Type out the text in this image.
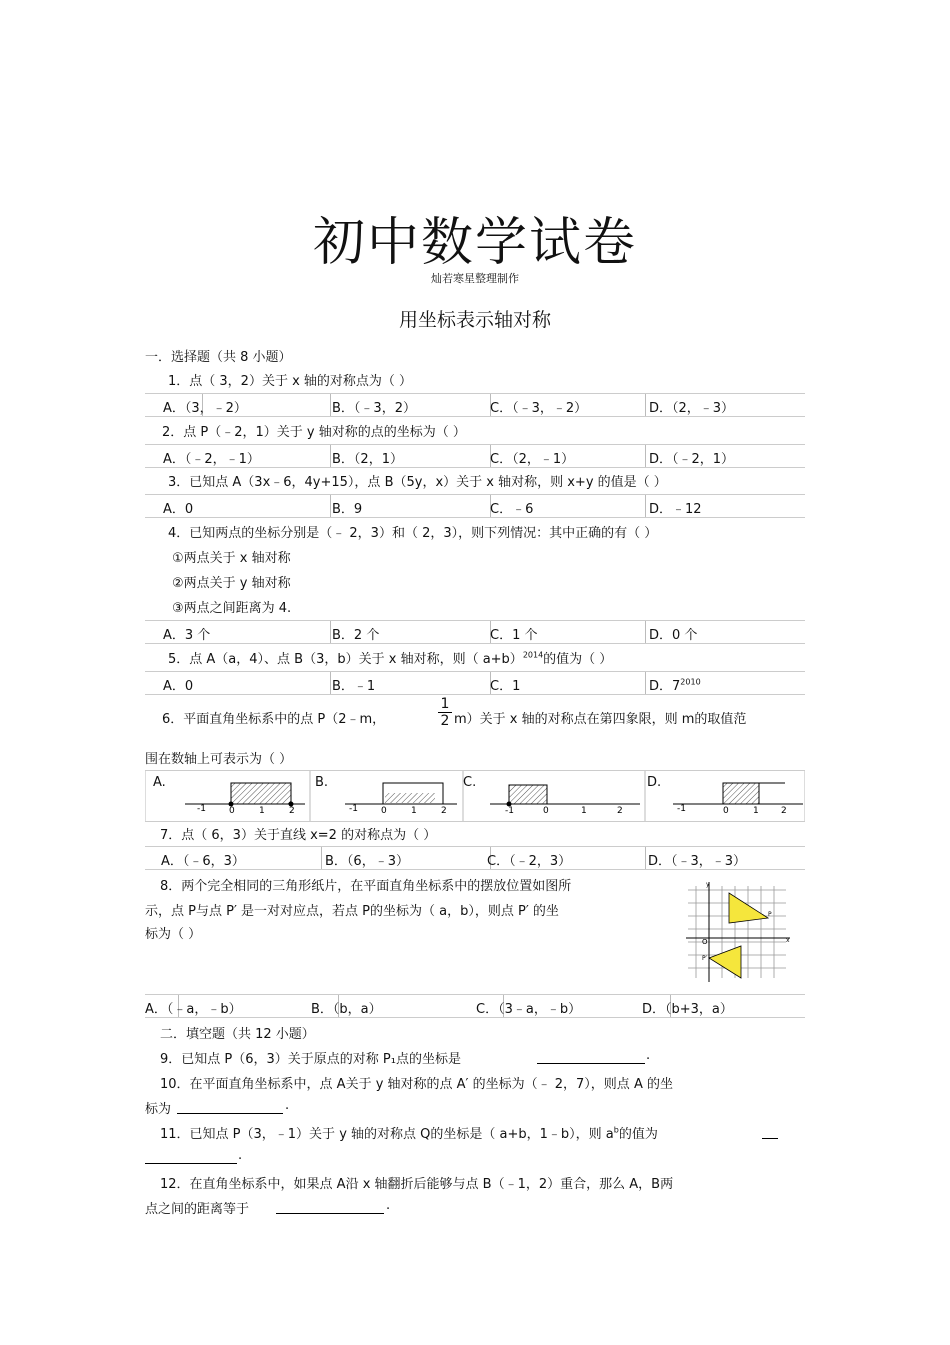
初中数学试卷
灿若寒星整理制作
用坐标表示轴对称
一．选择题（共 8 小题）
1．点（ 3，2）关于 x 轴的对称点为（ ）
A．（3，﹣2）	B．（﹣3，2）	C．（﹣3，﹣2）	D．（2，﹣3）
2．点 P（﹣2，1）关于 y 轴对称的点的坐标为（ ）
A．（﹣2，﹣1）	B．（2，1）	C．（2，﹣1）	D．（﹣2，1）
3．已知点 A（3x﹣6，4y+15），点 B（5y，x）关于 x 轴对称，则 x+y 的值是（ ）
A．0	B．9	C．﹣6	D．﹣12
4．已知两点的坐标分别是（﹣ 2，3）和（ 2，3），则下列情况：其中正确的有（ ）
①两点关于 x 轴对称
②两点关于 y 轴对称
③两点之间距离为 4.
A．3 个	B．2 个	C．1 个	D．0 个
5．点 A（a，4）、点 B（3，b）关于 x 轴对称，则（ a+b）$^{2014}$的值为（ ）
A．0	B．﹣1	C．1	D．$7^{2010}$
6．平面直角坐标系中的点 P（2﹣m，	$\frac{1}{2} m$）关于 x 轴的对称点在第四象限，则 m的取值范
围在数轴上可表示为（ ）
A.	B.	C.	D.
-1	0	1	2	-1	0	1	2	-1	0	1	2	-1	0	1 2
7．点（ 6，3）关于直线 x=2 的对称点为（ ）
A．（﹣6，3）	B．（6，﹣3）	C．（﹣2，3）	D．（﹣3，﹣3）
8．两个完全相同的三角形纸片，在平面直角坐标系中的摆放位置如图所
示，点 P与点 P′ 是一对对应点，若点 P的坐标为（ a，b），则点 P′ 的坐
标为（ ）
y
x
O
P
P′
A．（﹣a，﹣b）	B．（b，a）	C．（3﹣a，﹣b）	D．（b+3，a）
二．填空题（共 12 小题）
9．已知点 P（6，3）关于原点的对称 P₁点的坐标是	.
10．在平面直角坐标系中，点 A关于 y 轴对称的点 A′ 的坐标为（﹣ 2，7），则点 A 的坐
标为	.
11．已知点 P（3，﹣1）关于 y 轴的对称点 Q的坐标是（ a+b，1﹣b），则 $a^b$的值为
.
12．在直角坐标系中，如果点 A沿 x 轴翻折后能够与点 B（﹣1，2）重合，那么 A，B两
点之间的距离等于	.
